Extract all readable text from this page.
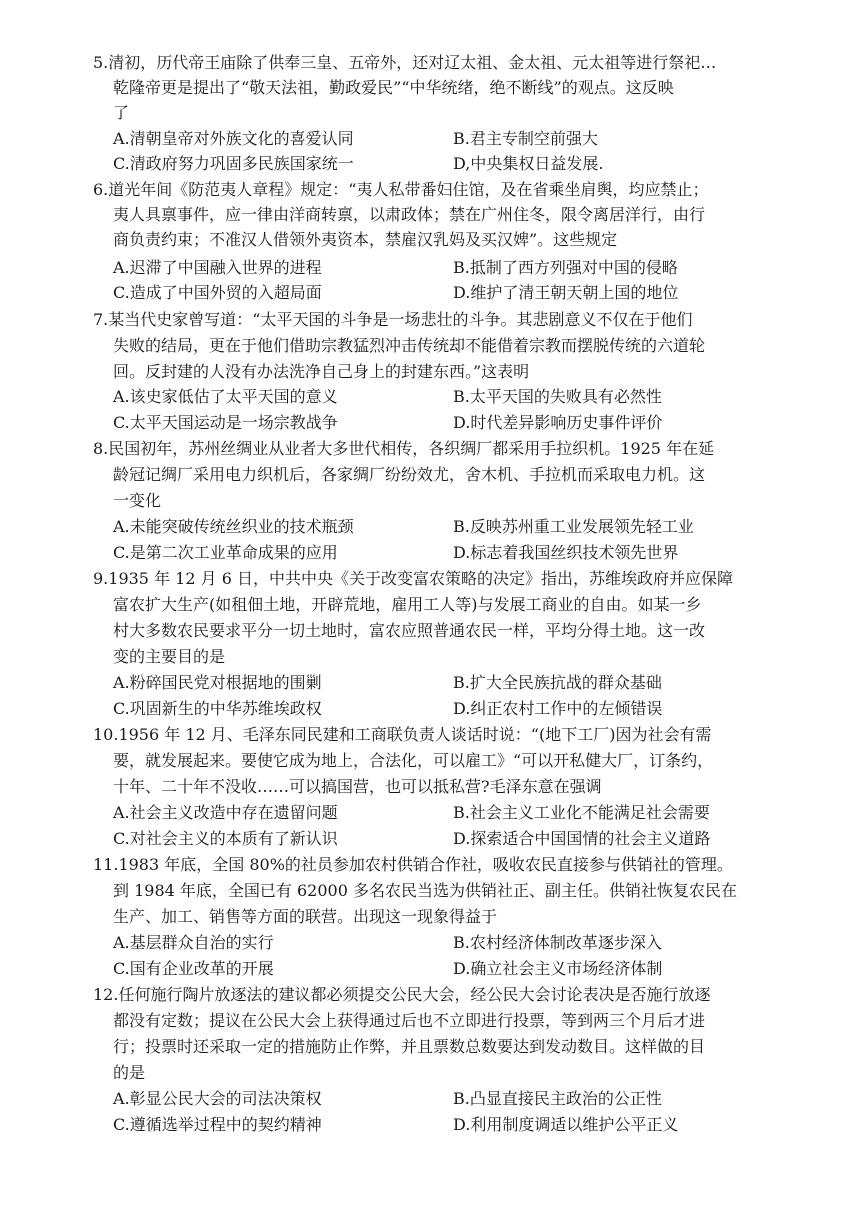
5.清初，历代帝王庙除了供奉三皇、五帝外，还对辽太祖、金太祖、元太祖等进行祭祀…
乾隆帝更是提出了“敬天法祖，勤政爱民”“中华统绪，绝不断线”的观点。这反映
了
A.清朝皇帝对外族文化的喜爱认同	B.君主专制空前强大
C.清政府努力巩固多民族国家统一	D,中央集权日益发展.
6.道光年间《防范夷人章程》规定：“夷人私带番妇住馆，及在省乘坐肩舆，均应禁止；
夷人具禀事件，应一律由洋商转禀，以肃政体；禁在广州住冬，限令离居洋行，由行
商负责约束；不准汉人借领外夷资本，禁雇汉乳妈及买汉婢”。这些规定
A.迟滞了中国融入世界的进程	B.抵制了西方列强对中国的侵略
C.造成了中国外贸的入超局面	D.维护了清王朝天朝上国的地位
7.某当代史家曾写道：“太平天国的斗争是一场悲壮的斗争。其悲剧意义不仅在于他们
失败的结局，更在于他们借助宗教猛烈冲击传统却不能借着宗教而摆脱传统的六道轮
回。反封建的人没有办法洗净自己身上的封建东西。”这表明
A.该史家低估了太平天国的意义	B.太平天国的失败具有必然性
C.太平天国运动是一场宗教战争	D.时代差异影响历史事件评价
8.民国初年，苏州丝绸业从业者大多世代相传，各织绸厂都采用手拉织机。1925 年在延
龄冠记绸厂采用电力织机后，各家绸厂纷纷效尤，舍木机、手拉机而采取电力机。这
一变化
A.未能突破传统丝织业的技术瓶颈	B.反映苏州重工业发展领先轻工业
C.是第二次工业革命成果的应用	D.标志着我国丝织技术领先世界
9.1935 年 12 月 6 日，中共中央《关于改变富农策略的决定》指出，苏维埃政府并应保障
富农扩大生产(如租佃土地，开辟荒地，雇用工人等)与发展工商业的自由。如某一乡
村大多数农民要求平分一切土地时，富农应照普通农民一样，平均分得土地。这一改
变的主要目的是
A.粉碎国民党对根据地的围剿	B.扩大全民族抗战的群众基础
C.巩固新生的中华苏维埃政权	D.纠正农村工作中的左倾错误
10.1956 年 12 月、毛泽东同民建和工商联负责人谈话时说：“(地下工厂)因为社会有需
要，就发展起来。要使它成为地上，合法化，可以雇工》“可以开私健大厂，订条约，
十年、二十年不没收……可以搞国营，也可以抵私营?毛泽东意在强调
A.社会主义改造中存在遗留问题	B.社会主义工业化不能满足社会需要
C.对社会主义的本质有了新认识	D.探索适合中国国情的社会主义道路
11.1983 年底，全国 80%的社员参加农村供销合作社，吸收农民直接参与供销社的管理。
到 1984 年底，全国已有 62000 多名农民当选为供销社正、副主任。供销社恢复农民在
生产、加工、销售等方面的联营。出现这一现象得益于
A.基层群众自治的实行	B.农村经济体制改革逐步深入
C.国有企业改革的开展	D.确立社会主义市场经济体制
12.任何施行陶片放逐法的建议都必须提交公民大会，经公民大会讨论表决是否施行放逐
都没有定数；提议在公民大会上获得通过后也不立即进行投票，等到两三个月后才进
行；投票时还采取一定的措施防止作弊，并且票数总数要达到发动数目。这样做的目
的是
A.彰显公民大会的司法决策权	B.凸显直接民主政治的公正性
C.遵循选举过程中的契约精神	D.利用制度调适以维护公平正义
